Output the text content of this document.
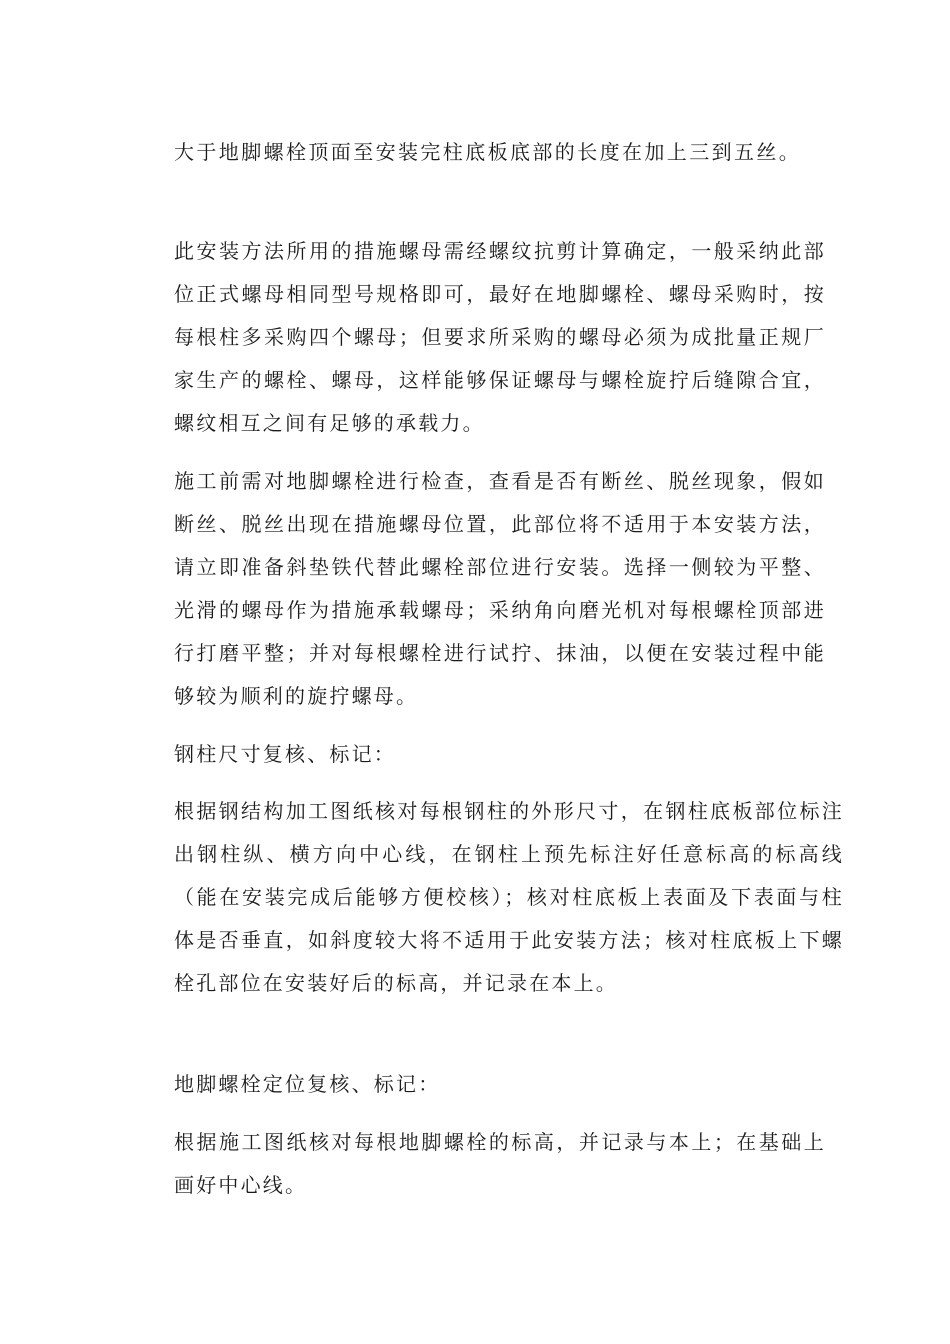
大于地脚螺栓顶面至安装完柱底板底部的长度在加上三到五丝。

此安装方法所用的措施螺母需经螺纹抗剪计算确定，一般采纳此部位正式螺母相同型号规格即可，最好在地脚螺栓、螺母采购时，按每根柱多采购四个螺母；但要求所采购的螺母必须为成批量正规厂家生产的螺栓、螺母，这样能够保证螺母与螺栓旋拧后缝隙合宜，螺纹相互之间有足够的承载力。

施工前需对地脚螺栓进行检查，查看是否有断丝、脱丝现象，假如断丝、脱丝出现在措施螺母位置，此部位将不适用于本安装方法，请立即准备斜垫铁代替此螺栓部位进行安装。选择一侧较为平整、光滑的螺母作为措施承载螺母；采纳角向磨光机对每根螺栓顶部进行打磨平整；并对每根螺栓进行试拧、抹油，以便在安装过程中能够较为顺利的旋拧螺母。

钢柱尺寸复核、标记：

根据钢结构加工图纸核对每根钢柱的外形尺寸，在钢柱底板部位标注出钢柱纵、横方向中心线，在钢柱上预先标注好任意标高的标高线（能在安装完成后能够方便校核）；核对柱底板上表面及下表面与柱体是否垂直，如斜度较大将不适用于此安装方法；核对柱底板上下螺栓孔部位在安装好后的标高，并记录在本上。

地脚螺栓定位复核、标记：

根据施工图纸核对每根地脚螺栓的标高，并记录与本上；在基础上画好中心线。
